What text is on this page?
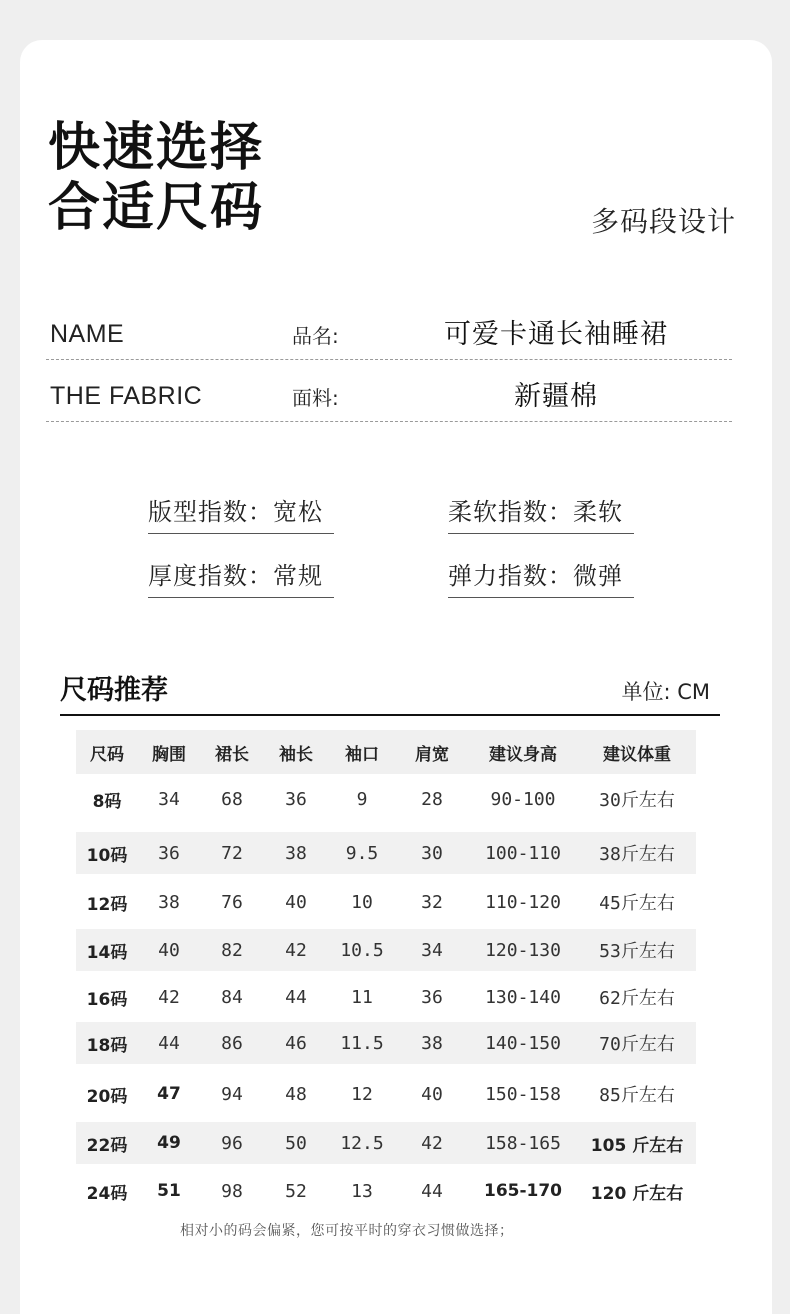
快速选择
合适尺码	多码段设计
NAME	品名:	可爱卡通长袖睡裙
THE FABRIC	面料:	新疆棉
版型指数：宽松	柔软指数：柔软
厚度指数：常规	弹力指数：微弹
尺码推荐	单位: CM
尺码	胸围	裙长	袖长	袖口	肩宽	建议身高	建议体重
8码	34	68	36	9	28	90-100	30斤左右
10码	36	72	38	9.5	30	100-110	38斤左右
12码	38	76	40	10	32	110-120	45斤左右
14码	40	82	42	10.5	34	120-130	53斤左右
16码	42	84	44	11	36	130-140	62斤左右
18码	44	86	46	11.5	38	140-150	70斤左右
20码	47	94	48	12	40	150-158	85斤左右
22码	49	96	50	12.5	42	158-165	105 斤左右
24码	51	98	52	13	44	165-170	120 斤左右
相对小的码会偏紧，您可按平时的穿衣习惯做选择；
